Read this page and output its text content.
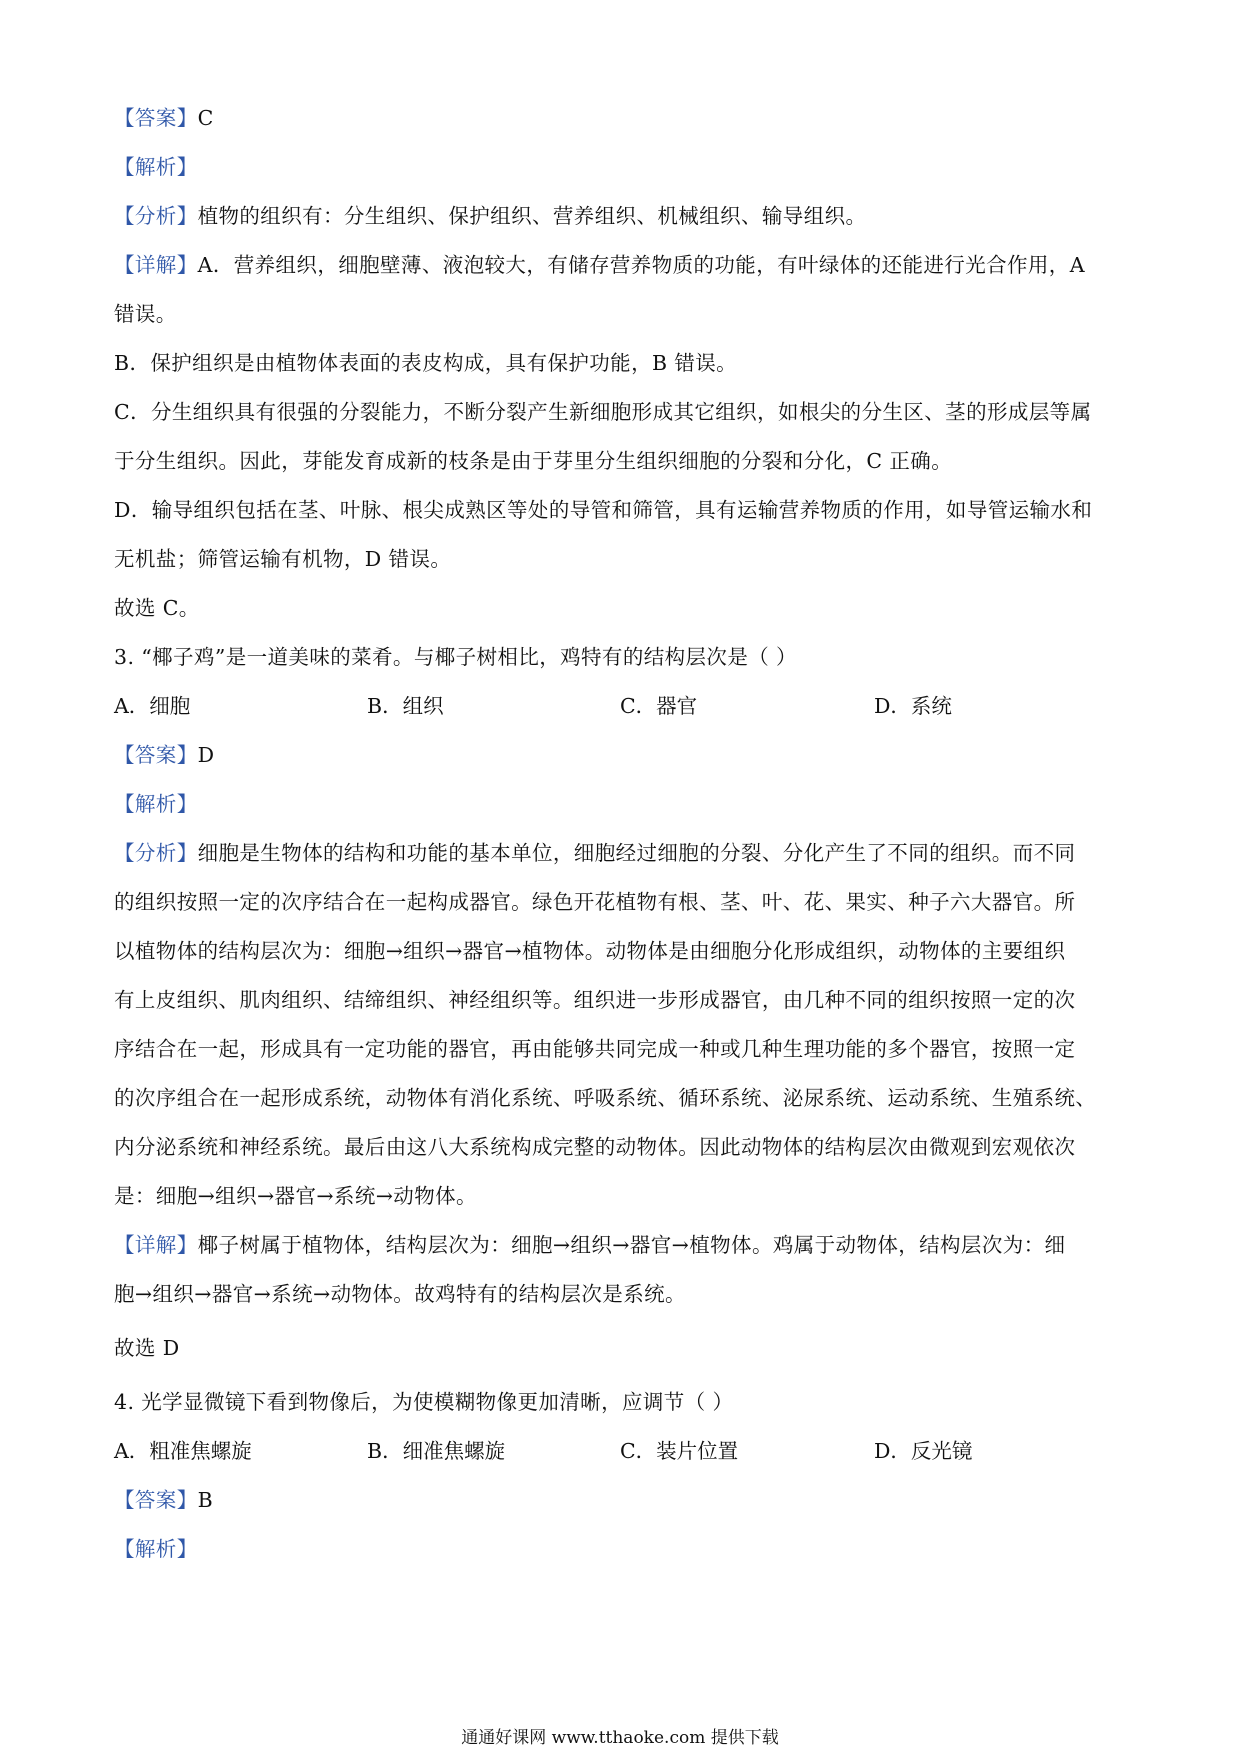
【答案】C
【解析】
【分析】植物的组织有：分生组织、保护组织、营养组织、机械组织、输导组织。
【详解】A．营养组织，细胞壁薄、液泡较大，有储存营养物质的功能，有叶绿体的还能进行光合作用，A
错误。
B．保护组织是由植物体表面的表皮构成，具有保护功能，B 错误。
C．分生组织具有很强的分裂能力，不断分裂产生新细胞形成其它组织，如根尖的分生区、茎的形成层等属
于分生组织。因此，芽能发育成新的枝条是由于芽里分生组织细胞的分裂和分化，C 正确。
D．输导组织包括在茎、叶脉、根尖成熟区等处的导管和筛管，具有运输营养物质的作用，如导管运输水和
无机盐；筛管运输有机物，D 错误。
故选 C。
3. “椰子鸡”是一道美味的菜肴。与椰子树相比，鸡特有的结构层次是（ ）
A．细胞	B．组织	C．器官	D．系统
【答案】D
【解析】
【分析】细胞是生物体的结构和功能的基本单位，细胞经过细胞的分裂、分化产生了不同的组织。而不同
的组织按照一定的次序结合在一起构成器官。绿色开花植物有根、茎、叶、花、果实、种子六大器官。所
以植物体的结构层次为：细胞→组织→器官→植物体。动物体是由细胞分化形成组织，动物体的主要组织
有上皮组织、肌肉组织、结缔组织、神经组织等。组织进一步形成器官，由几种不同的组织按照一定的次
序结合在一起，形成具有一定功能的器官，再由能够共同完成一种或几种生理功能的多个器官，按照一定
的次序组合在一起形成系统，动物体有消化系统、呼吸系统、循环系统、泌尿系统、运动系统、生殖系统、
内分泌系统和神经系统。最后由这八大系统构成完整的动物体。因此动物体的结构层次由微观到宏观依次
是：细胞→组织→器官→系统→动物体。
【详解】椰子树属于植物体，结构层次为：细胞→组织→器官→植物体。鸡属于动物体，结构层次为：细
胞→组织→器官→系统→动物体。故鸡特有的结构层次是系统。
故选 D
4. 光学显微镜下看到物像后，为使模糊物像更加清晰，应调节（ ）
A．粗准焦螺旋	B．细准焦螺旋	C．装片位置	D．反光镜
【答案】B
【解析】
通通好课网 www.tthaoke.com 提供下载
